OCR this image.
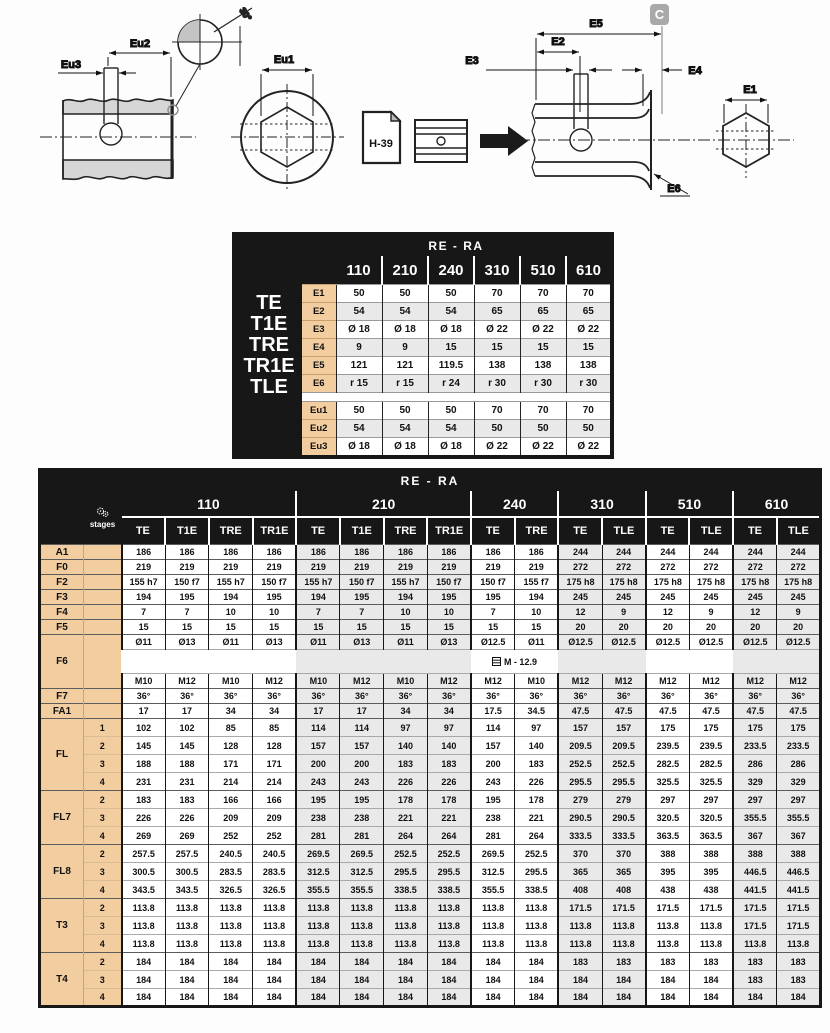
Eu2
Eu3
30°
Eu1
H-39
E5
E2
E3
E4
E6
E1
C
TE
T1E
TRE
TR1E
TLE	RE - RA						
		110	210	240	310	510	610
	E1	50	50	50	70	70	70
	E2	54	54	54	65	65	65
	E3	Ø 18	Ø 18	Ø 18	Ø 22	Ø 22	Ø 22
	E4	9	9	15	15	15	15
	E5	121	121	119.5	138	138	138
	E6	r 15	r 15	r 24	r 30	r 30	r 30

	Eu1	50	50	50	70	70	70
	Eu2	54	54	54	50	50	50
	Eu3	Ø 18	Ø 18	Ø 18	Ø 22	Ø 22	Ø 22
RE - RA																	

	stages	110				210				240		310		510		610	
		TE	T1E	TRE	TR1E	TE	T1E	TRE	TR1E	TE	TRE	TE	TLE	TE	TLE	TE	TLE
A1		186	186	186	186	186	186	186	186	186	186	244	244	244	244	244	244
F0		219	219	219	219	219	219	219	219	219	219	272	272	272	272	272	272
F2		155 h7	150 f7	155 h7	150 f7	155 h7	150 f7	155 h7	150 f7	150 f7	155 f7	175 h8	175 h8	175 h8	175 h8	175 h8	175 h8
F3		194	195	194	195	194	195	194	195	195	194	245	245	245	245	245	245
F4		7	7	10	10	7	7	10	10	7	10	12	9	12	9	12	9
F5		15	15	15	15	15	15	15	15	15	15	20	20	20	20	20	20
F6		Ø11	Ø13	Ø11	Ø13	Ø11	Ø13	Ø11	Ø13	Ø12.5	Ø11	Ø12.5	Ø12.5	Ø12.5	Ø12.5	Ø12.5	Ø12.5
										M - 12.9							
		M10	M12	M10	M12	M10	M12	M10	M12	M12	M10	M12	M12	M12	M12	M12	M12
F7		36°	36°	36°	36°	36°	36°	36°	36°	36°	36°	36°	36°	36°	36°	36°	36°
FA1		17	17	34	34	17	17	34	34	17.5	34.5	47.5	47.5	47.5	47.5	47.5	47.5
FL	1	102	102	85	85	114	114	97	97	114	97	157	157	175	175	175	175
	2	145	145	128	128	157	157	140	140	157	140	209.5	209.5	239.5	239.5	233.5	233.5
	3	188	188	171	171	200	200	183	183	200	183	252.5	252.5	282.5	282.5	286	286
	4	231	231	214	214	243	243	226	226	243	226	295.5	295.5	325.5	325.5	329	329
FL7	2	183	183	166	166	195	195	178	178	195	178	279	279	297	297	297	297
	3	226	226	209	209	238	238	221	221	238	221	290.5	290.5	320.5	320.5	355.5	355.5
	4	269	269	252	252	281	281	264	264	281	264	333.5	333.5	363.5	363.5	367	367
FL8	2	257.5	257.5	240.5	240.5	269.5	269.5	252.5	252.5	269.5	252.5	370	370	388	388	388	388
	3	300.5	300.5	283.5	283.5	312.5	312.5	295.5	295.5	312.5	295.5	365	365	395	395	446.5	446.5
	4	343.5	343.5	326.5	326.5	355.5	355.5	338.5	338.5	355.5	338.5	408	408	438	438	441.5	441.5
T3	2	113.8	113.8	113.8	113.8	113.8	113.8	113.8	113.8	113.8	113.8	171.5	171.5	171.5	171.5	171.5	171.5
	3	113.8	113.8	113.8	113.8	113.8	113.8	113.8	113.8	113.8	113.8	113.8	113.8	113.8	113.8	171.5	171.5
	4	113.8	113.8	113.8	113.8	113.8	113.8	113.8	113.8	113.8	113.8	113.8	113.8	113.8	113.8	113.8	113.8
T4	2	184	184	184	184	184	184	184	184	184	184	183	183	183	183	183	183
	3	184	184	184	184	184	184	184	184	184	184	184	184	184	184	183	183
	4	184	184	184	184	184	184	184	184	184	184	184	184	184	184	184	184
